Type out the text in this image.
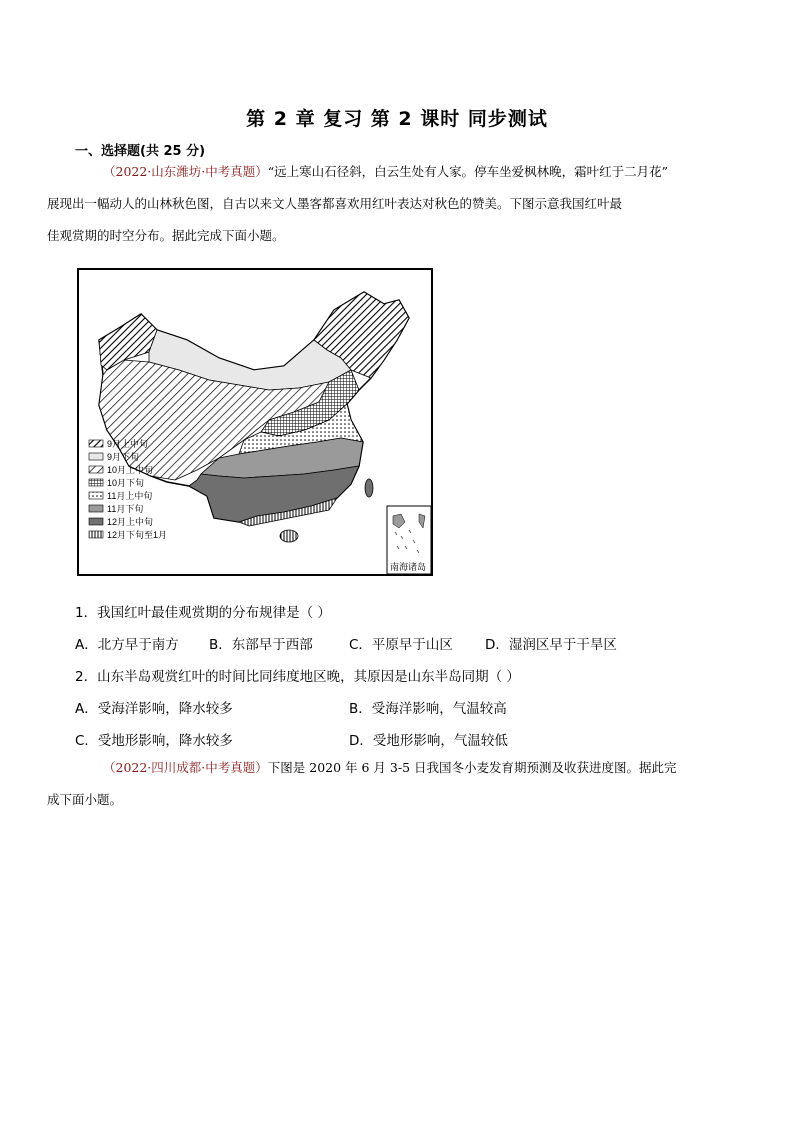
第 2 章 复习 第 2 课时 同步测试
一、选择题(共 25 分)
（2022·山东潍坊·中考真题）“远上寒山石径斜，白云生处有人家。停车坐爱枫林晚，霜叶红于二月花”
展现出一幅动人的山林秋色图，自古以来文人墨客都喜欢用红叶表达对秋色的赞美。下图示意我国红叶最
佳观赏期的时空分布。据此完成下面小题。
9月上中旬
9月下旬
10月上中旬
10月下旬
11月上中旬
11月下旬
12月上中旬
12月下旬至1月
南海诸岛
1．我国红叶最佳观赏期的分布规律是（ ）
A．北方早于南方 B．东部早于西部	C．平原早于山区 D．湿润区早于干旱区
2．山东半岛观赏红叶的时间比同纬度地区晚，其原因是山东半岛同期（ ）
A．受海洋影响，降水较多	B．受海洋影响，气温较高
C．受地形影响，降水较多	D．受地形影响，气温较低
（2022·四川成都·中考真题）下图是 2020 年 6 月 3-5 日我国冬小麦发育期预测及收获进度图。据此完
成下面小题。
